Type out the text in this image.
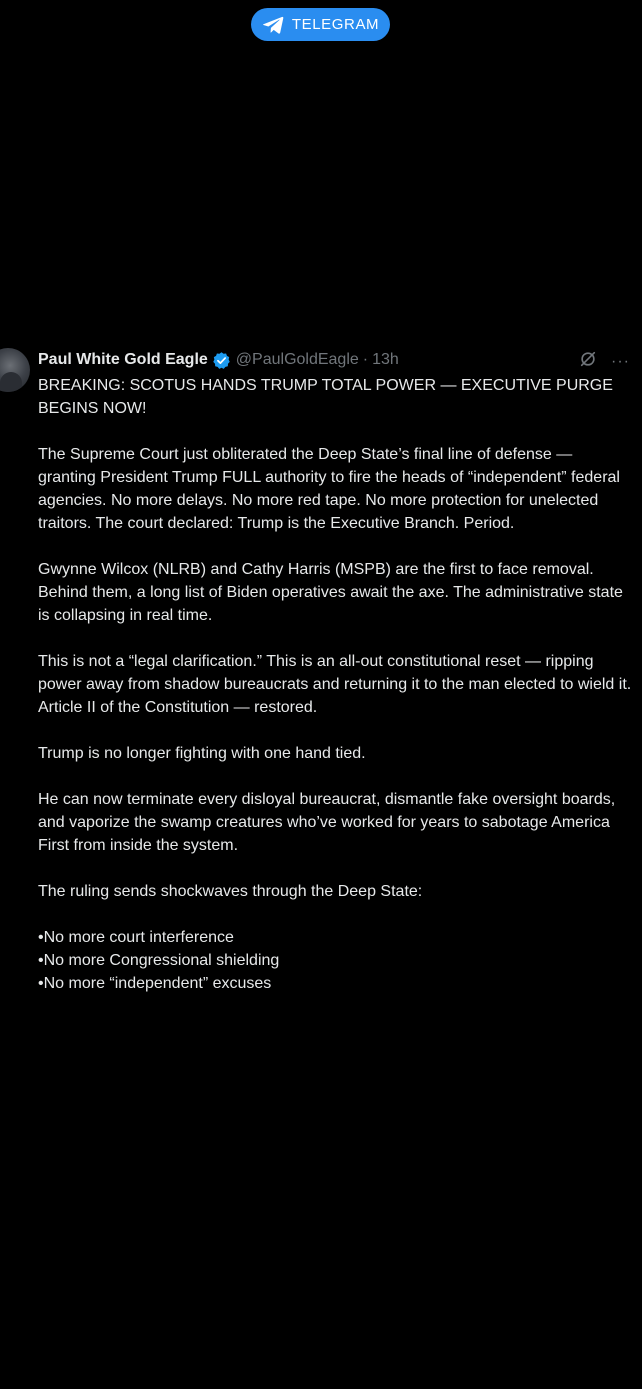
TELEGRAM
Paul White Gold Eagle @PaulGoldEagle · 13h	···

BREAKING: SCOTUS HANDS TRUMP TOTAL POWER — EXECUTIVE PURGE BEGINS NOW!

The Supreme Court just obliterated the Deep State’s final line of defense — granting President Trump FULL authority to fire the heads of “independent” federal agencies. No more delays. No more red tape. No more protection for unelected traitors. The court declared: Trump is the Executive Branch. Period.

Gwynne Wilcox (NLRB) and Cathy Harris (MSPB) are the first to face removal. Behind them, a long list of Biden operatives await the axe. The administrative state is collapsing in real time.

This is not a “legal clarification.” This is an all-out constitutional reset — ripping power away from shadow bureaucrats and returning it to the man elected to wield it. Article II of the Constitution — restored.

Trump is no longer fighting with one hand tied.

He can now terminate every disloyal bureaucrat, dismantle fake oversight boards, and vaporize the swamp creatures who’ve worked for years to sabotage America First from inside the system.

The ruling sends shockwaves through the Deep State:

• No more court interference
• No more Congressional shielding
• No more “independent” excuses
